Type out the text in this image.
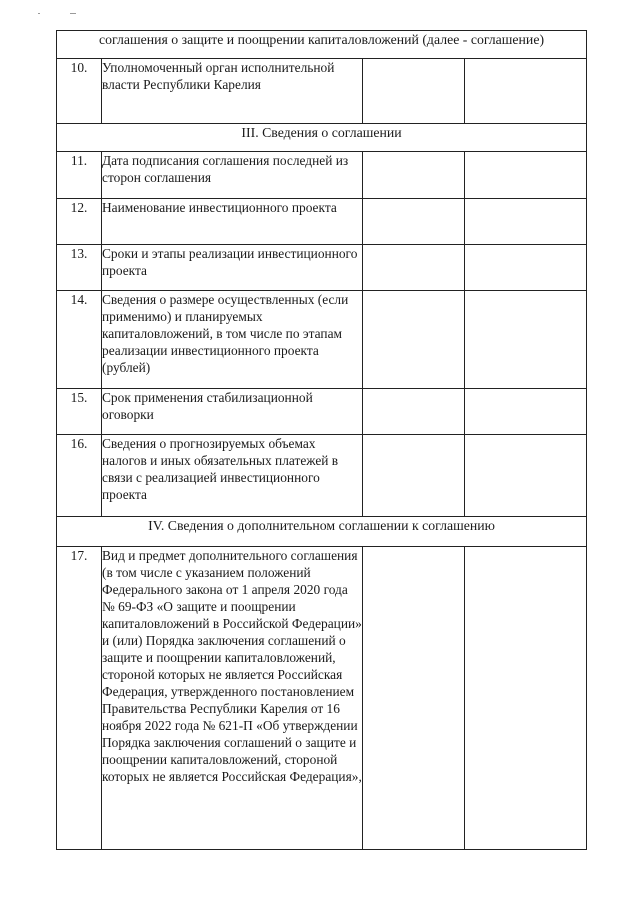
соглашения о защите и поощрении капиталовложений (далее - соглашение)			
10.	Уполномоченный орган исполнительной власти Республики Карелия		
III. Сведения о соглашении			
11.	Дата подписания соглашения последней из сторон соглашения		
12.	Наименование инвестиционного проекта		
13.	Сроки и этапы реализации инвестиционного проекта		
14.	Сведения о размере осуществленных (если применимо) и планируемых капиталовложений, в том числе по этапам реализации инвестиционного проекта (рублей)		
15.	Срок применения стабилизационной оговорки		
16.	Сведения о прогнозируемых объемах налогов и иных обязательных платежей в связи с реализацией инвестиционного проекта		
IV. Сведения о дополнительном соглашении к соглашению			
17.	Вид и предмет дополнительного соглашения (в том числе с указанием положений Федерального закона от 1 апреля 2020 года № 69-ФЗ «О защите и поощрении капиталовложений в Российской Федерации» и (или) Порядка заключения соглашений о защите и поощрении капиталовложений, стороной которых не является Российская Федерация, утвержденного постановлением Правительства Республики Карелия от 16 ноября 2022 года № 621-П «Об утверждении Порядка заключения соглашений о защите и поощрении капиталовложений, стороной которых не является Российская Федерация»,		
